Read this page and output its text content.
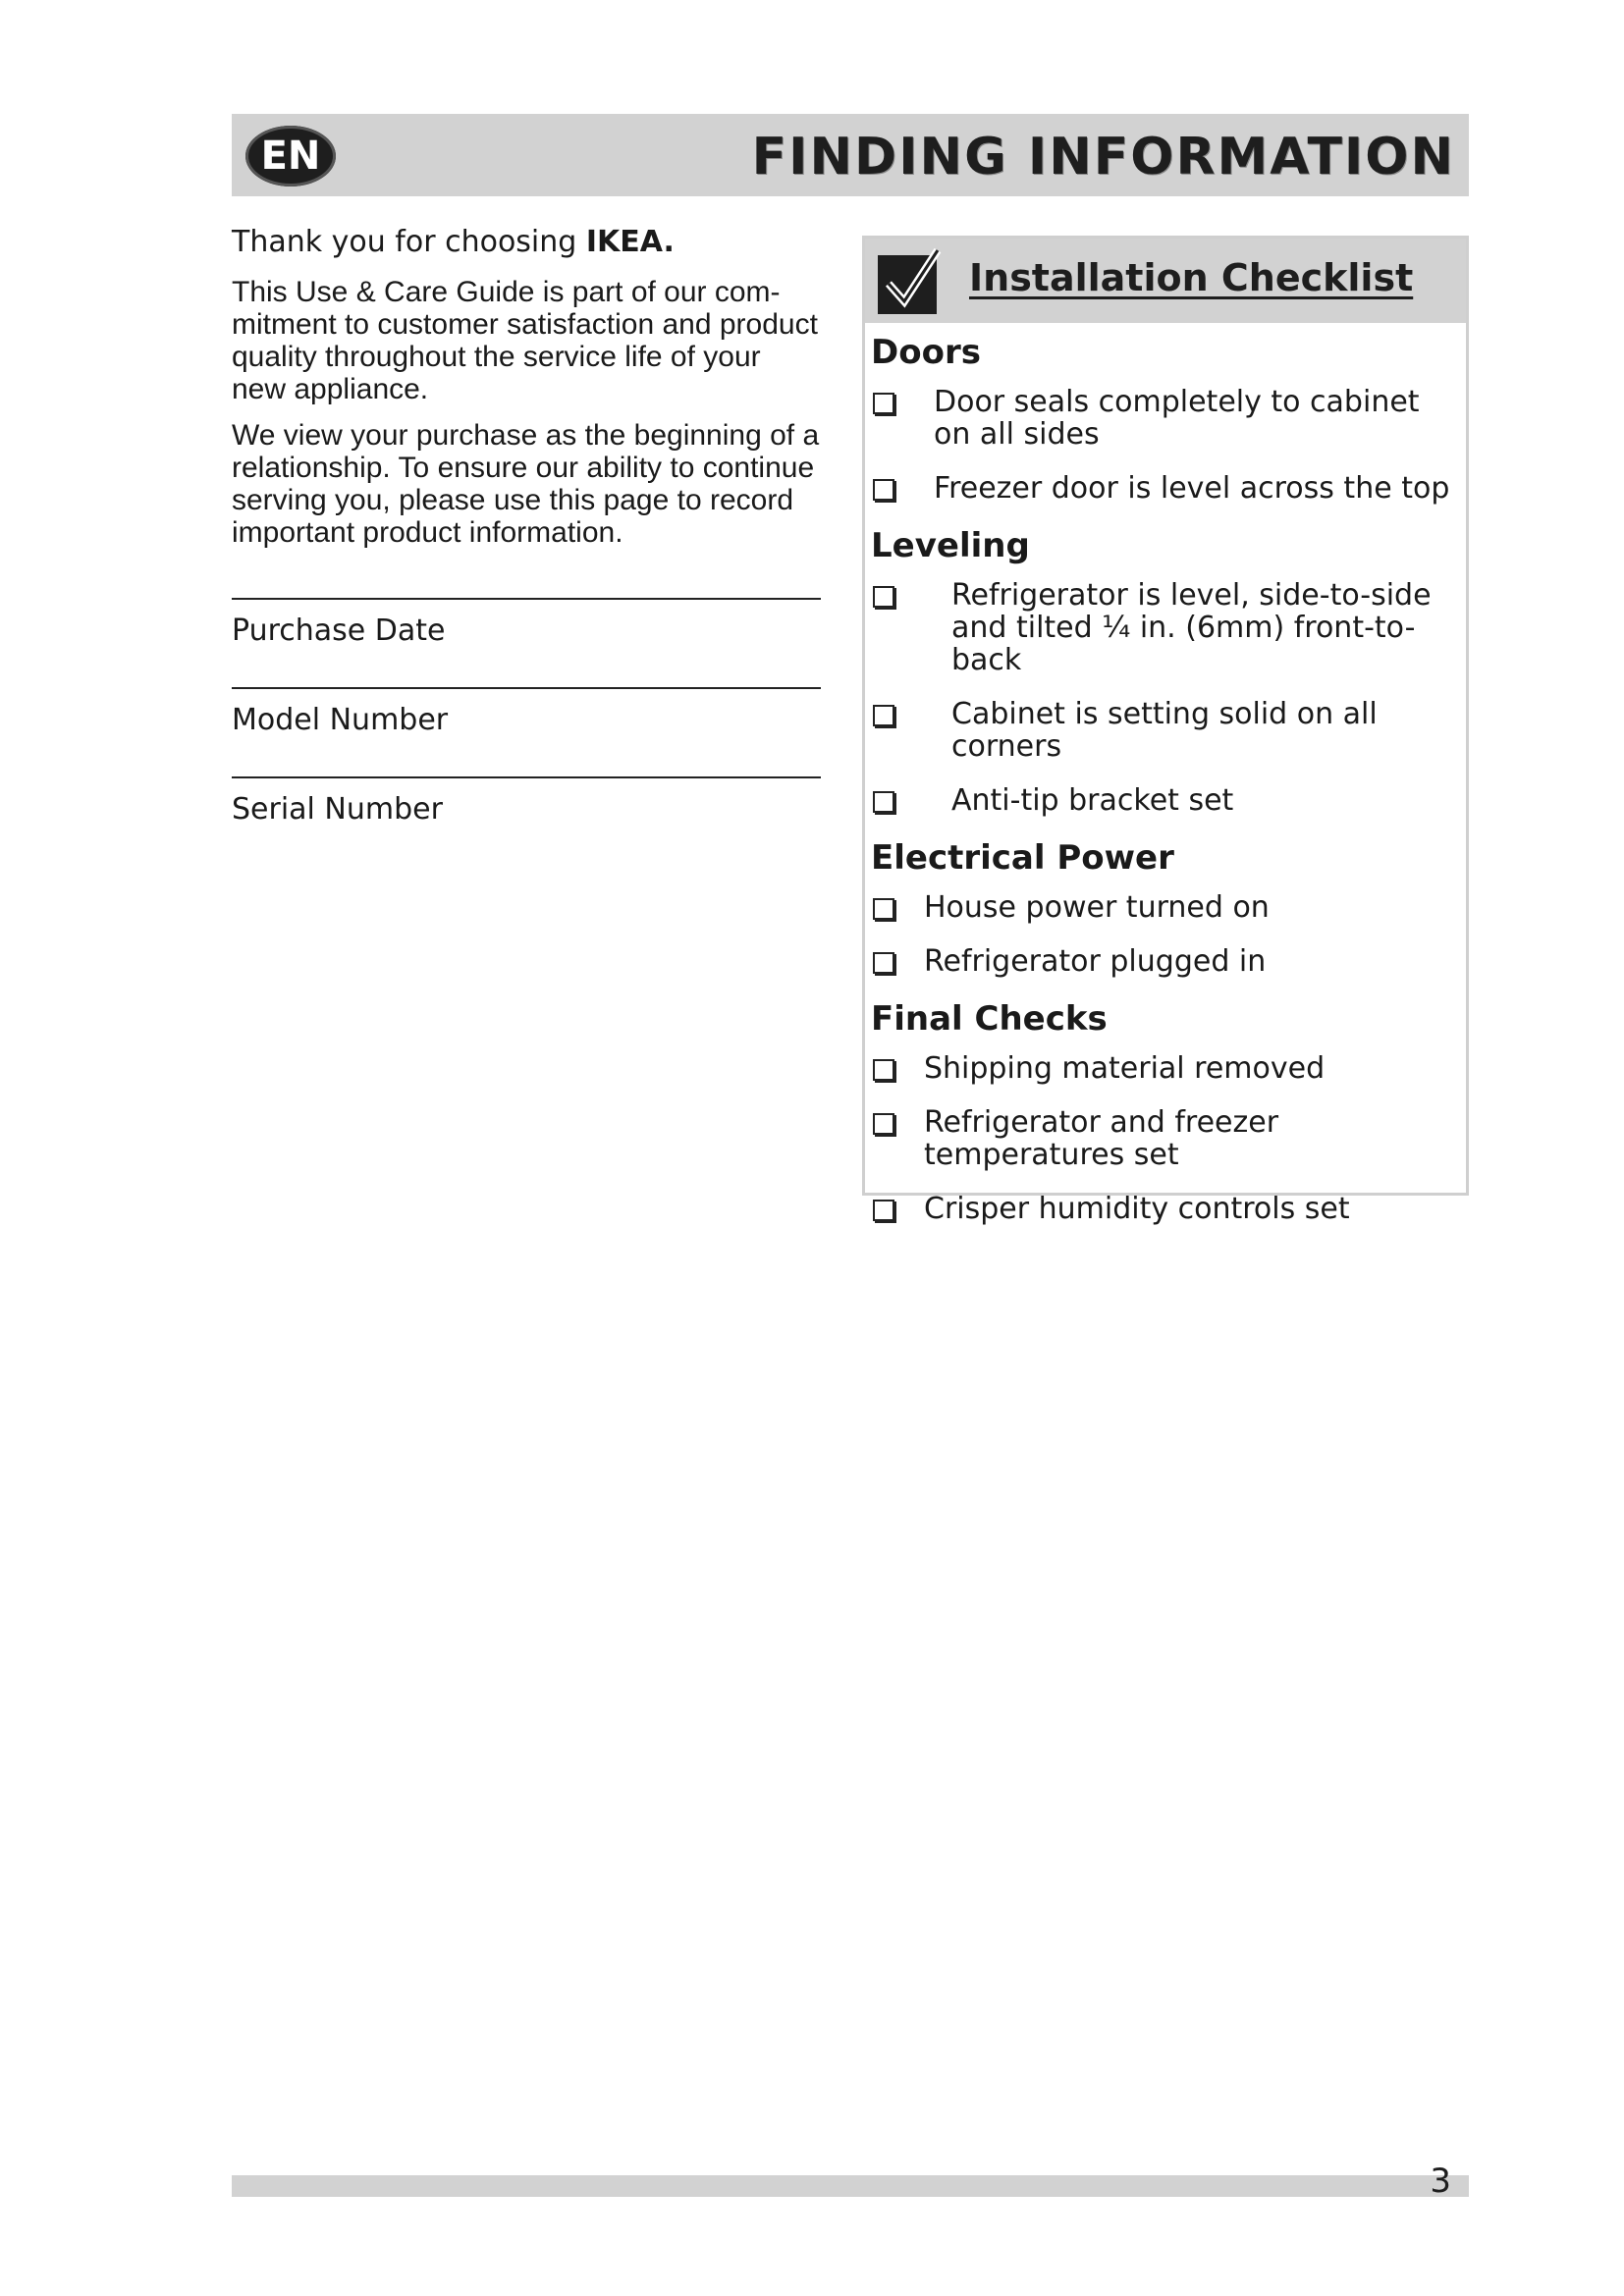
EN	FINDING INFORMATION

Thank you for choosing IKEA.

This Use & Care Guide is part of our com-mitment to customer satisfaction and product quality throughout the service life of your new appliance.

We view your purchase as the beginning of a relationship. To ensure our ability to continue serving you, please use this page to record important product information.

Purchase Date
Model Number
Serial Number
Installation Checklist
Doors
Door seals completely to cabinet on all sides
Freezer door is level across the top
Leveling
Refrigerator is level, side-to-side and tilted ¼ in. (6mm) front-to-back
Cabinet is setting solid on all corners
Anti-tip bracket set
Electrical Power
House power turned on
Refrigerator plugged in
Final Checks
Shipping material removed
Refrigerator and freezer temperatures set
Crisper humidity controls set
3
